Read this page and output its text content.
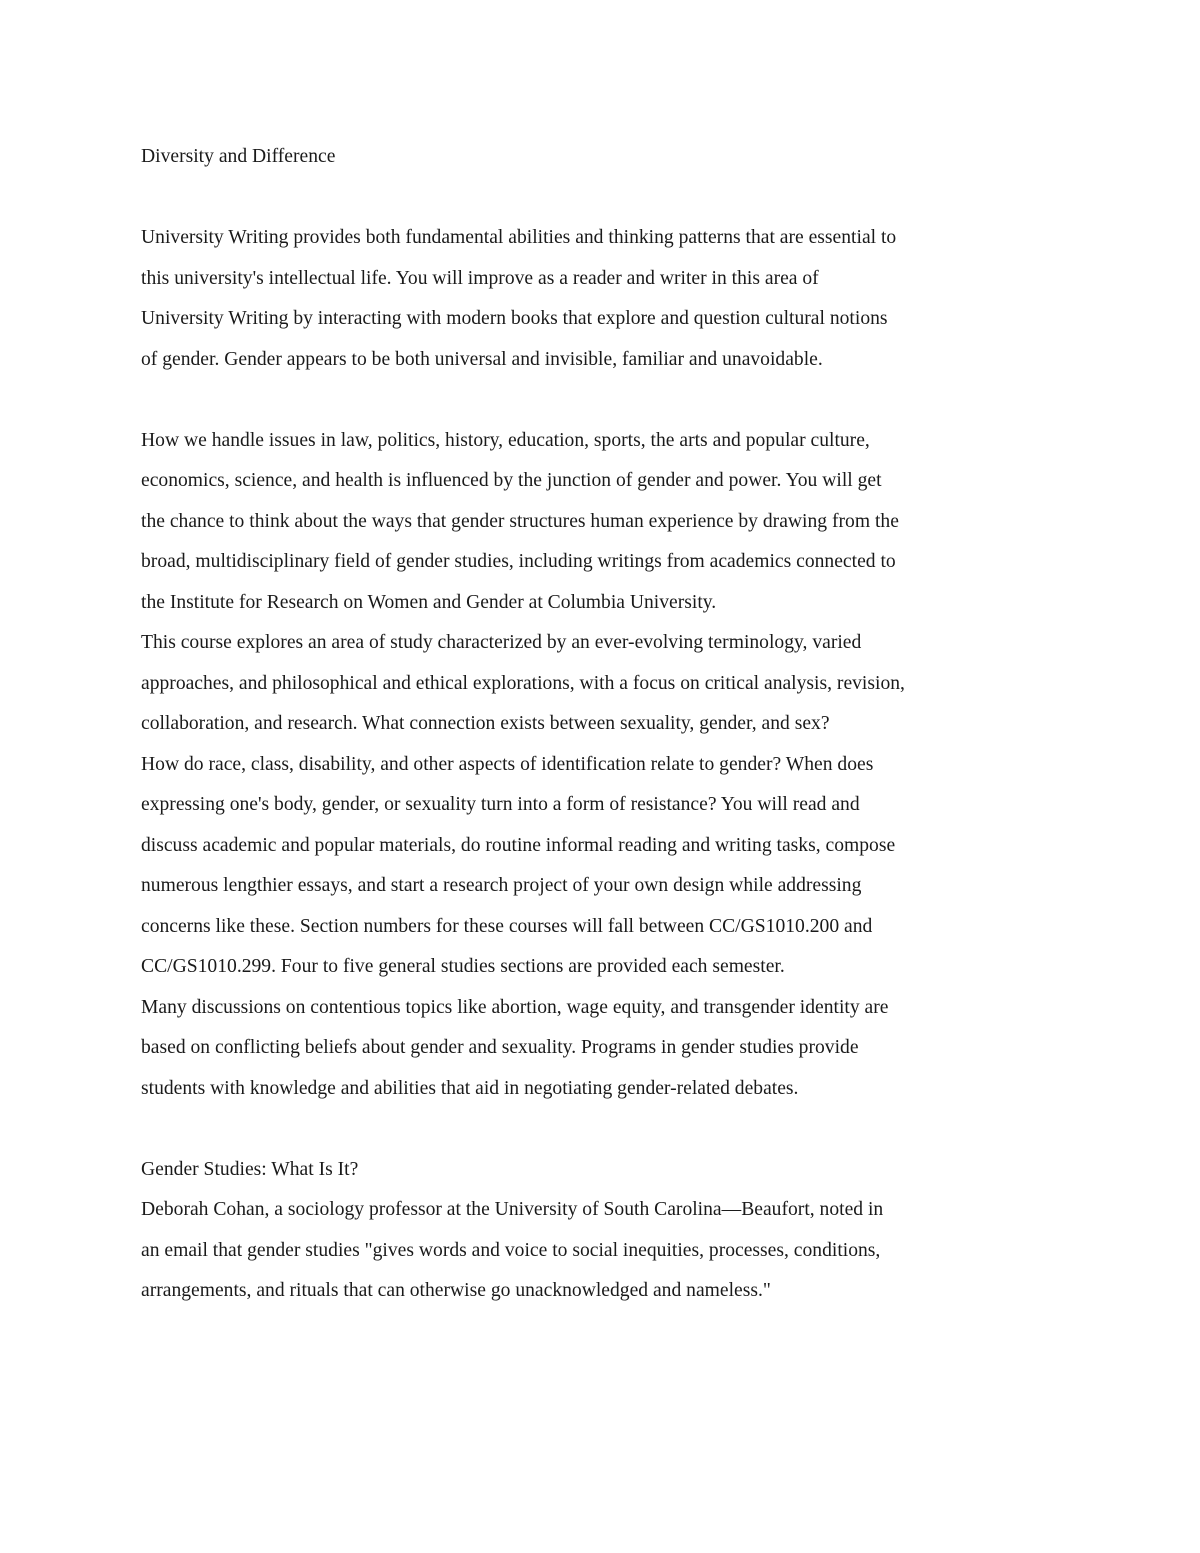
Diversity and Difference
University Writing provides both fundamental abilities and thinking patterns that are essential to
this university's intellectual life. You will improve as a reader and writer in this area of
University Writing by interacting with modern books that explore and question cultural notions
of gender. Gender appears to be both universal and invisible, familiar and unavoidable.
How we handle issues in law, politics, history, education, sports, the arts and popular culture,
economics, science, and health is influenced by the junction of gender and power. You will get
the chance to think about the ways that gender structures human experience by drawing from the
broad, multidisciplinary field of gender studies, including writings from academics connected to
the Institute for Research on Women and Gender at Columbia University.
This course explores an area of study characterized by an ever-evolving terminology, varied
approaches, and philosophical and ethical explorations, with a focus on critical analysis, revision,
collaboration, and research. What connection exists between sexuality, gender, and sex?
How do race, class, disability, and other aspects of identification relate to gender? When does
expressing one's body, gender, or sexuality turn into a form of resistance? You will read and
discuss academic and popular materials, do routine informal reading and writing tasks, compose
numerous lengthier essays, and start a research project of your own design while addressing
concerns like these. Section numbers for these courses will fall between CC/GS1010.200 and
CC/GS1010.299. Four to five general studies sections are provided each semester.
Many discussions on contentious topics like abortion, wage equity, and transgender identity are
based on conflicting beliefs about gender and sexuality. Programs in gender studies provide
students with knowledge and abilities that aid in negotiating gender-related debates.
Gender Studies: What Is It?
Deborah Cohan, a sociology professor at the University of South Carolina—Beaufort, noted in
an email that gender studies "gives words and voice to social inequities, processes, conditions,
arrangements, and rituals that can otherwise go unacknowledged and nameless."
